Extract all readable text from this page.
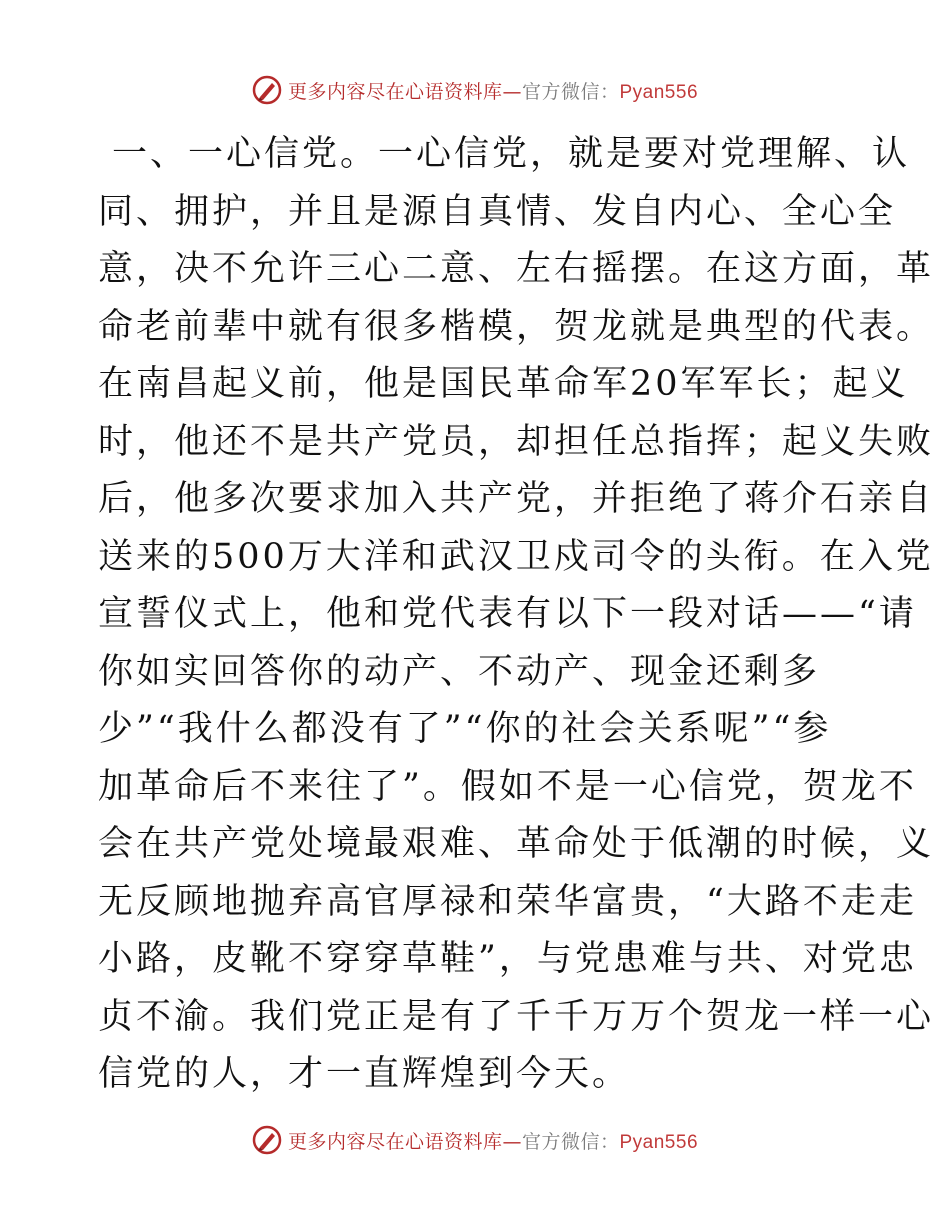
更多内容尽在心语资料库—官方微信：Pyan556
一、一心信党。一心信党，就是要对党理解、认
同、拥护，并且是源自真情、发自内心、全心全
意，决不允许三心二意、左右摇摆。在这方面，革
命老前辈中就有很多楷模，贺龙就是典型的代表。
在南昌起义前，他是国民革命军20军军长；起义
时，他还不是共产党员，却担任总指挥；起义失败
后，他多次要求加入共产党，并拒绝了蒋介石亲自
送来的500万大洋和武汉卫戍司令的头衔。在入党
宣誓仪式上，他和党代表有以下一段对话——“请
你如实回答你的动产、不动产、现金还剩多
少”“我什么都没有了”“你的社会关系呢”“参
加革命后不来往了”。假如不是一心信党，贺龙不
会在共产党处境最艰难、革命处于低潮的时候，义
无反顾地抛弃高官厚禄和荣华富贵，“大路不走走
小路，皮靴不穿穿草鞋”，与党患难与共、对党忠
贞不渝。我们党正是有了千千万万个贺龙一样一心
信党的人，才一直辉煌到今天。
更多内容尽在心语资料库—官方微信：Pyan556
